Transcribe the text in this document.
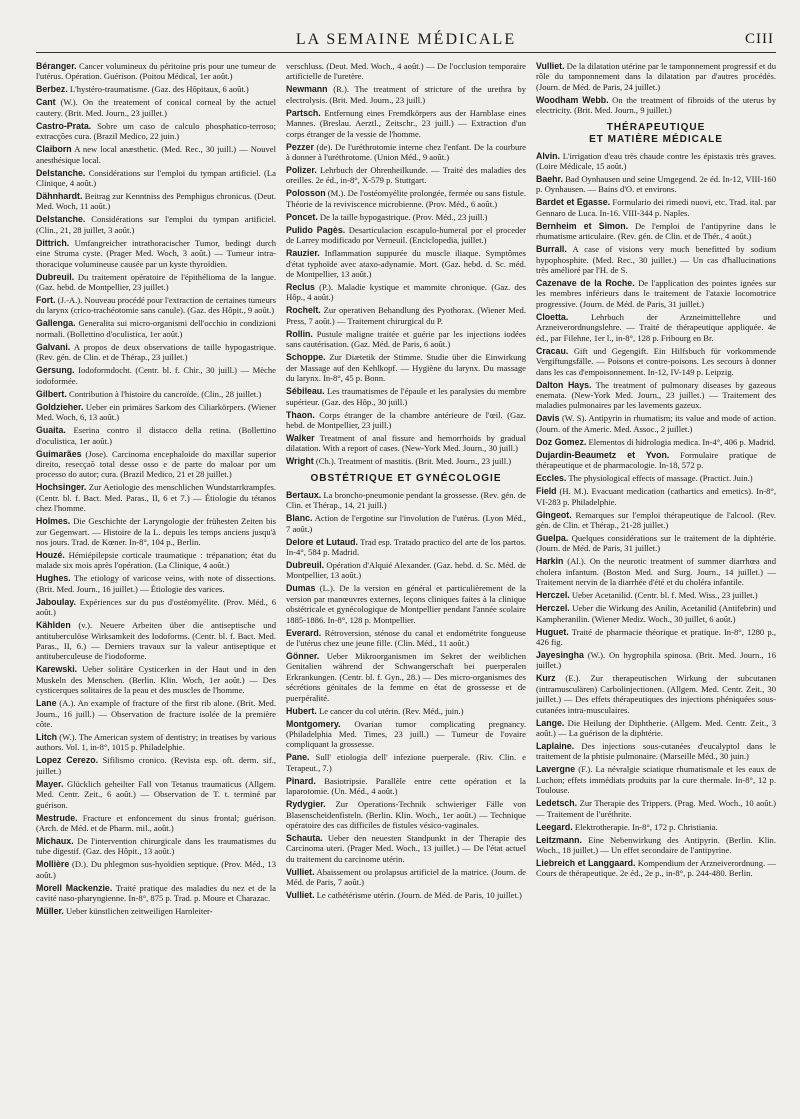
LA SEMAINE MÉDICALE	CIII
Béranger. Cancer volumineux du péritoine pris pour une tumeur de l'utérus. Opération. Guérison. (Poitou Médical, 1er août.)
Berbez. L'hystéro-traumatisme. (Gaz. des Hôpitaux, 6 août.)
Cant (W.). On the treatement of conical corneal by the actuel cautery. (Brit. Med. Journ., 23 juillet.)
Castro-Prata. Sobre um caso de calculo phosphatico-terroso; extracções cura. (Brazil Medico, 22 juin.)
Claiborn A new local anæsthetic. (Med. Rec., 30 juill.) — Nouvel anesthésique local.
Delstanche. Considérations sur l'emploi du tympan artificiel. (La Clinique, 4 août.)
Dähnhardt. Beitrag zur Kenntniss des Pemphigus chronicus. (Deut. Med. Woch, 11 août.)
Delstanche. Considérations sur l'emploi du tympan artificiel. (Clin., 21, 28 juillet, 3 août.)
Dittrich. Umfangreicher intrathoracischer Tumor, bedingt durch eine Struma cyste. (Prager Med. Woch, 3 août.) — Tumeur intra-thoracique volumineuse causée par un kyste thyroïdien.
Dubreuil. Du traitement opératoire de l'épithélioma de la langue. (Gaz. hebd. de Montpellier, 23 juillet.)
Fort. (J.-A.). Nouveau procédé pour l'extraction de certaines tumeurs du larynx (crico-trachéotomie sans canule). (Gaz. des Hôpit., 9 août.)
Gallenga. Generalita sui micro-organismi dell'occhio in condizioni normali. (Bollettino d'oculistica, 1er août.)
Galvani. A propos de deux observations de taille hypogastrique. (Rev. gén. de Clin. et de Thérap., 23 juillet.)
Gersung. Iodoformdocht. (Centr. bl. f. Chir., 30 juill.) — Mèche iodoformée.
Gilbert. Contribution à l'histoire du cancroïde. (Clin., 28 juillet.)
Goldzieher. Ueber ein primäres Sarkom des Ciliarkörpers. (Wiener Med. Woch, 6, 13 août.)
Guaita. Eserina contro il distacco della retina. (Bollettino d'oculistica, 1er août.)
Guimarães (Jose). Carcinoma encephaloide do maxillar superior direito, resecçaõ total desse osso e de parte do maloar por um processo do autor; cura. (Brazil Medico, 21 et 28 juillet.)
Hochsinger. Zur Aetiologie des menschlichen Wundstarrkrampfes. (Centr. bl. f. Bact. Med. Paras., II, 6 et 7.) — Étiologie du tétanos chez l'homme.
Holmes. Die Geschichte der Laryngologie der frühesten Zeiten bis zur Gegenwart. — Histoire de la L. depuis les temps anciens jusqu'à nos jours. Trad. de Kœner. In-8°, 104 p., Berlin.
Houzé. Hémiépilepsie corticale traumatique : trépanation; état du malade six mois après l'opération. (La Clinique, 4 août.)
Hughes. The etiology of varicose veins, with note of dissections. (Brit. Med. Journ., 16 juillet.) — Étiologie des varices.
Jaboulay. Expériences sur du pus d'ostéomyélite. (Prov. Méd., 6 août.)
Kählden (v.). Neuere Arbeiten über die antiseptische und antituberculöse Wirksamkeit des Iodoforms. (Centr. bl. f. Bact. Med. Paras., II, 6.) — Derniers travaux sur la valeur antiseptique et antituberculeuse de l'iodoforme.
Karewski. Ueber solitäre Cysticerken in der Haut und in den Muskeln des Menschen. (Berlin. Klin. Woch, 1er août.) — Des cysticerques solitaires de la peau et des muscles de l'homme.
Lane (A.). An example of fracture of the first rib alone. (Brit. Med. Journ., 16 juill.) — Observation de fracture isolée de la première côte.
Litch (W.). The American system of dentistry; in treatises by various authors. Vol. 1, in-8°, 1015 p. Philadelphie.
Lopez Cerezo. Sifilismo cronico. (Revista esp. oft. derm. sif., juillet.)
Mayer. Glücklich geheilter Fall von Tetanus traumaticus (Allgem. Med. Centr. Zeit., 6 août.) — Observation de T. t. terminé par guérison.
Mestrude. Fracture et enfoncement du sinus frontal; guérison. (Arch. de Méd. et de Pharm. mil., août.)
Michaux. De l'intervention chirurgicale dans les traumatismes du tube digestif. (Gaz. des Hôpit., 13 août.)
Mollière (D.). Du phlegmon sus-hyoïdien septique. (Prov. Méd., 13 août.)
Morell Mackenzie. Traité pratique des maladies du nez et de la cavité naso-pharyngienne. In-8°, 875 p. Trad. p. Moure et Charazac.
Müller. Ueber künstlichen zeitweiligen Harnleiter-
verschluss. (Deut. Med. Woch., 4 août.) — De l'occlusion temporaire artificielle de l'uretère.
Newmann (R.). The treatment of stricture of the urethra by electrolysis. (Brit. Med. Journ., 23 juill.)
Partsch. Entfernung eines Fremdkörpers aus der Harnblase eines Mannes. (Breslau. Aerztl., Zeitschr., 23 juill.) — Extraction d'un corps étranger de la vessie de l'homme.
Pezzer (de). De l'uréthrotomie interne chez l'enfant. De la courbure à donner à l'uréthrotome. (Union Méd., 9 août.)
Polizer. Lehrbuch der Ohrenheilkunde. — Traité des maladies des oreilles. 2e éd., in-8°, X-579 p. Stuttgart.
Polosson (M.). De l'ostéomyélite prolongée, fermée ou sans fistule. Théorie de la reviviscence microbienne. (Prov. Méd., 6 août.)
Poncet. De la taille hypogastrique. (Prov. Méd., 23 juill.)
Pulido Pagès. Desarticulacion escapulo-humeral por el proceder de Larrey modificado por Verneuil. (Enciclopedia, juillet.)
Rauzier. Inflammation suppurée du muscle iliaque. Symptômes d'état typhoïde avec ataxo-adynamie. Mort. (Gaz. hebd. d. Sc. méd. de Montpellier, 13 août.)
Reclus (P.). Maladie kystique et mammite chronique. (Gaz. des Hôp., 4 août.)
Rochelt. Zur operativen Behandlung des Pyothorax. (Wiener Med. Press, 7 août.) — Traitement chirurgical du P.
Rollin. Pustule maligne traitée et guérie par les injections iodées sans cautérisation. (Gaz. Méd. de Paris, 6 août.)
Schoppe. Zur Diætetik der Stimme. Studie über die Einwirkung der Massage auf den Kehlkopf. — Hygiène du larynx. Du massage du larynx. In-8°, 45 p. Bonn.
Sébileau. Les traumatismes de l'épaule et les paralysies du membre supérieur. (Gaz. des Hôp., 30 juill.)
Thaon. Corps étranger de la chambre antérieure de l'œil. (Gaz. hebd. de Montpellier, 23 juill.)
Walker Treatment of anal fissure and hemorrhoids by gradual dilatation. With a report of cases. (New-York Med. Journ., 30 juill.)
Wright (Ch.). Treatment of mastitis. (Brit. Med. Journ., 23 juill.)
OBSTÉTRIQUE ET GYNÉCOLOGIE
Bertaux. La broncho-pneumonie pendant la grossesse. (Rev. gén. de Clin. et Thérap., 14, 21 juill.)
Blanc. Action de l'ergotine sur l'involution de l'utérus. (Lyon Méd., 7 août.)
Delore et Lutaud. Trad esp. Tratado practico del arte de los partos. In-4°, 584 p. Madrid.
Dubreuil. Opération d'Alquié Alexander. (Gaz. hebd. d. Sc. Méd. de Montpellier, 13 août.)
Dumas (L.). De la version en général et particulièrement de la version par manœuvres externes, leçons cliniques faites à la clinique obstétricale et gynécologique de Montpellier pendant l'année scolaire 1885-1886. In-8°, 128 p. Montpellier.
Everard. Rétroversion, sténose du canal et endométrite fongueuse de l'utérus chez une jeune fille. (Clin. Méd., 11 août.)
Gönner. Ueber Mikroorganismen im Sekret der weiblichen Genitalien während der Schwangerschaft bei puerperalen Erkrankungen. (Centr. bl. f. Gyn., 28.) — Des micro-organismes des sécrétions génitales de la femme en état de grossesse et de puerpéralité.
Hubert. Le cancer du col utérin. (Rev. Méd., juin.)
Montgomery. Ovarian tumor complicating pregnancy. (Philadelphia Med. Times, 23 juill.) — Tumeur de l'ovaire compliquant la grossesse.
Pane. Sull' etiologia dell' infezione puerperale. (Riv. Clin. e Terapeut., 7.)
Pinard. Basiotripsie. Parallèle entre cette opération et la laparotomie. (Un. Méd., 4 août.)
Rydygier. Zur Operations-Technik schwieriger Fälle von Blasenscheidenfisteln. (Berlin. Klin. Woch., 1er août.) — Technique opératoire des cas difficiles de fistules vésico-vaginales.
Schauta. Ueber den neuesten Standpunkt in der Therapie des Carcinoma uteri. (Prager Med. Woch., 13 juillet.) — De l'état actuel du traitement du carcinome utérin.
Vulliet. Abaissement ou prolapsus artificiel de la matrice. (Journ. de Méd. de Paris, 7 août.)
Vulliet. Le cathétérisme utérin. (Journ. de Méd. de Paris, 10 juillet.)
Vulliet. De la dilatation utérine par le tamponnement progressif et du rôle du tamponnement dans la dilatation par d'autres procédés. (Journ. de Méd. de Paris, 24 juillet.)
Woodham Webb. On the treatment of fibroids of the uterus by electricity. (Brit. Med. Journ., 9 juillet.)
THÉRAPEUTIQUE
ET MATIÈRE MÉDICALE
Alvin. L'irrigation d'eau très chaude contre les épistaxis très graves. (Loire Médicale, 15 août.)
Baehr. Bad Oynhausen und seine Umgegend. 2e éd. In-12, VIII-160 p. Oynhausen. — Bains d'O. et environs.
Bardet et Egasse. Formulario dei rimedi nuovi, etc. Trad. ital. par Gennaro de Luca. In-16. VIII-344 p. Naples.
Bernheim et Simon. De l'emploi de l'antipyrine dans le rhumatisme articulaire. (Rev. gén. de Clin. et de Thér., 4 août.)
Burrall. A case of visions very much benefitted by sodium hypophosphite. (Med. Rec., 30 juillet.) — Un cas d'hallucinations très amélioré par l'H. de S.
Cazenave de la Roche. De l'application des pointes ignées sur les membres inférieurs dans le traitement de l'ataxie locomotrice progressive. (Journ. de Méd. de Paris, 31 juillet.)
Cloetta. Lehrbuch der Arzneimittellehre und Arzneiverordnungslehre. — Traité de thérapeutique appliquée. 4e éd., par Filehne, 1er l., in-8°, 128 p. Fribourg en Br.
Cracau. Gift und Gegengift. Ein Hilfsbuch für vorkommende Vergiftungsfälle. — Poisons et contre-poisons. Les secours à donner dans les cas d'empoisonnement. In-12, IV-149 p. Leipzig.
Dalton Hays. The treatment of pulmonary diseases by gazeous enemata. (New-York Med. Journ., 23 juillet.) — Traitement des maladies pulmonaires par les lavements gazeux.
Davis (W. S). Antipyrin in rhumatism; its value and mode of action. (Journ. of the Americ. Med. Assoc., 2 juillet.)
Doz Gomez. Elementos di hidrologia medica. In-4°, 406 p. Madrid.
Dujardin-Beaumetz et Yvon. Formulaire pratique de thérapeutique et de pharmacologie. In-18, 572 p.
Eccles. The physiological effects of massage. (Practict. Juin.)
Field (H. M.). Evacuant medication (cathartics and emetics). In-8°, VI-283 p. Philadelphie.
Gingeot. Remarques sur l'emploi thérapeutique de l'alcool. (Rev. gén. de Clin. et Thérap., 21-28 juillet.)
Guelpa. Quelques considérations sur le traitement de la diphtérie. (Journ. de Méd. de Paris, 31 juillet.)
Harkin (Al.). On the neurotic treatment of summer diarrhœa and cholera infantum. (Boston Med. and Surg. Journ., 14 juillet.) — Traitement nervin de la diarrhée d'été et du choléra infantile.
Herczel. Ueber Acetanilid. (Centr. bl. f. Med. Wiss., 23 juillet.)
Herczel. Ueber die Wirkung des Anilin, Acetanilid (Antifebrin) und Kampheranilin. (Wiener Mediz. Woch., 30 juillet, 6 août.)
Huguet. Traité de pharmacie théorique et pratique. In-8°, 1280 p., 426 fig.
Jayesingha (W.). On hygrophila spinosa. (Brit. Med. Journ., 16 juillet.)
Kurz (E.). Zur therapeutischen Wirkung der subcutanen (intramusculären) Carbolinjectionen. (Allgem. Med. Centr. Zeit., 30 juillet.) — Des effets thérapeutiques des injections phéniquées sous-cutanées intra-musculaires.
Lange. Die Heilung der Diphtherie. (Allgem. Med. Centr. Zeit., 3 août.) — La guérison de la diphtérie.
Laplaine. Des injections sous-cutanées d'eucalyptol dans le traitement de la phtisie pulmonaire. (Marseille Méd., 30 juin.)
Lavergne (F.). La névralgie sciatique rhumatismale et les eaux de Luchon; effets immédiats produits par la cure thermale. In-8°, 12 p. Toulouse.
Ledetsch. Zur Therapie des Trippers. (Prag. Med. Woch., 10 août.) — Traitement de l'uréthrite.
Leegard. Elektrotherapie. In-8°, 172 p. Christiania.
Leitzmann. Eine Nebenwirkung des Antipyrin. (Berlin. Klin. Woch., 18 juillet.) — Un effet secondaire de l'antipyrine.
Liebreich et Langgaard. Kompendium der Arzneiverordnung. — Cours de thérapeutique. 2e éd., 2e p., in-8°, p. 244-480. Berlin.
